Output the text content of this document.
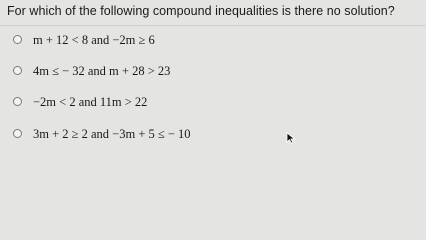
For which of the following compound inequalities is there no solution?
m + 12 < 8 and −2m ≥ 6
4m ≤ − 32 and m + 28 > 23
−2m < 2 and 11m > 22
3m + 2 ≥ 2 and −3m + 5 ≤ − 10
